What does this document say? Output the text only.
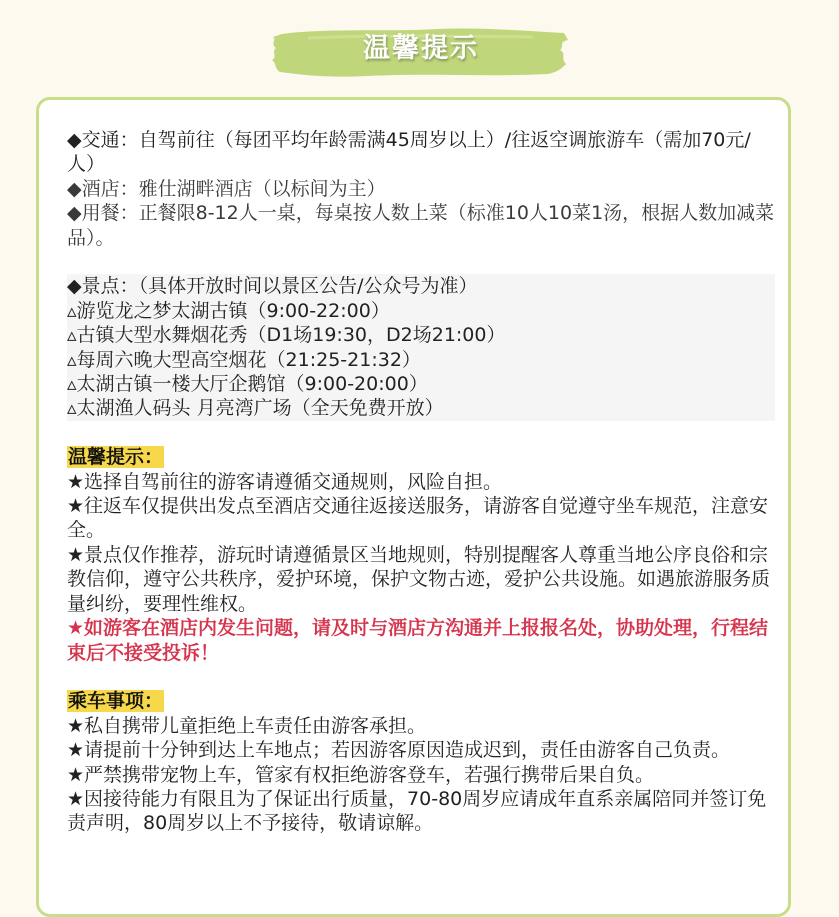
温馨提示

◆交通：自驾前往（每团平均年龄需满45周岁以上）/往返空调旅游车（需加70元/人）

◆酒店：雅仕湖畔酒店（以标间为主）

◆用餐：正餐限8-12人一桌，每桌按人数上菜（标准10人10菜1汤，根据人数加减菜品）。

◆景点：（具体开放时间以景区公告/公众号为准）

▵游览龙之梦太湖古镇（9:00-22:00）

▵古镇大型水舞烟花秀（D1场19:30，D2场21:00）

▵每周六晚大型高空烟花（21:25-21:32）

▵太湖古镇一楼大厅企鹅馆（9:00-20:00）

▵太湖渔人码头 月亮湾广场（全天免费开放）

温馨提示：

★选择自驾前往的游客请遵循交通规则，风险自担。

★往返车仅提供出发点至酒店交通往返接送服务，请游客自觉遵守坐车规范，注意安全。

★景点仅作推荐，游玩时请遵循景区当地规则，特别提醒客人尊重当地公序良俗和宗教信仰，遵守公共秩序，爱护环境，保护文物古迹，爱护公共设施。如遇旅游服务质量纠纷，要理性维权。

★如游客在酒店内发生问题，请及时与酒店方沟通并上报报名处，协助处理，行程结束后不接受投诉！

乘车事项：

★私自携带儿童拒绝上车责任由游客承担。

★请提前十分钟到达上车地点；若因游客原因造成迟到，责任由游客自己负责。

★严禁携带宠物上车，管家有权拒绝游客登车，若强行携带后果自负。

★因接待能力有限且为了保证出行质量，70-80周岁应请成年直系亲属陪同并签订免责声明，80周岁以上不予接待，敬请谅解。
